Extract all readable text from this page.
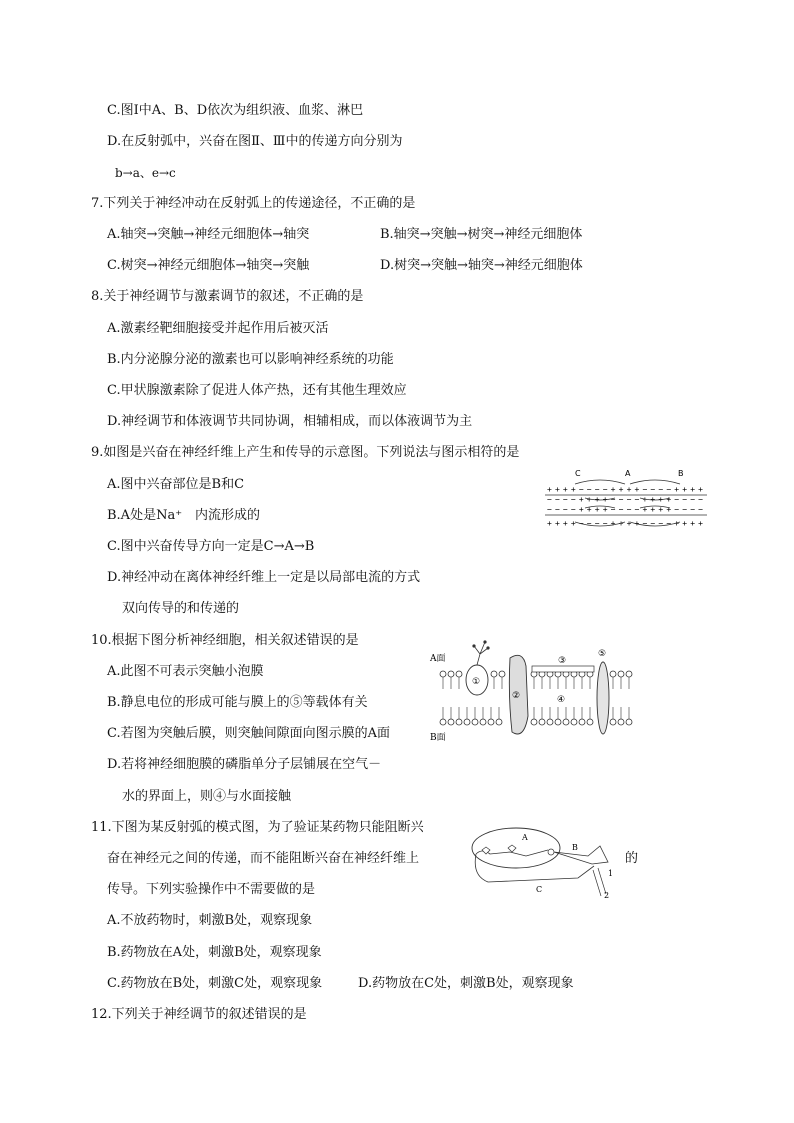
C.图Ⅰ中A、B、D依次为组织液、血浆、淋巴
D.在反射弧中，兴奋在图Ⅱ、Ⅲ中的传递方向分别为
b→a、e→c
7.下列关于神经冲动在反射弧上的传递途径，不正确的是
A.轴突→突触→神经元细胞体→轴突	B.轴突→突触→树突→神经元细胞体
C.树突→神经元细胞体→轴突→突触	D.树突→突触→轴突→神经元细胞体
8.关于神经调节与激素调节的叙述，不正确的是
A.激素经靶细胞接受并起作用后被灭活
B.内分泌腺分泌的激素也可以影响神经系统的功能
C.甲状腺激素除了促进人体产热，还有其他生理效应
D.神经调节和体液调节共同协调，相辅相成，而以体液调节为主
9.如图是兴奋在神经纤维上产生和传导的示意图。下列说法与图示相符的是
A.图中兴奋部位是B和C
B.A处是Na⁺　内流形成的
C.图中兴奋传导方向一定是C→A→B
D.神经冲动在离体神经纤维上一定是以局部电流的方式
双向传导的和传递的
10.根据下图分析神经细胞，相关叙述错误的是
A.此图不可表示突触小泡膜
B.静息电位的形成可能与膜上的⑤等载体有关
C.若图为突触后膜，则突触间隙面向图示膜的A面
D.若将神经细胞膜的磷脂单分子层铺展在空气－
水的界面上，则④与水面接触
11.下图为某反射弧的模式图，为了验证某药物只能阻断兴
奋在神经元之间的传递，而不能阻断兴奋在神经纤维上	的
传导。下列实验操作中不需要做的是
A.不放药物时，刺激B处，观察现象
B.药物放在A处，刺激B处，观察现象
C.药物放在B处，刺激C处，观察现象	D.药物放在C处，刺激B处，观察现象
12.下列关于神经调节的叙述错误的是
C	A	B
+ + + + − − − − + + + + − − − − + + + +
− − − − + + + + − − − − + + + + − − − −
− − − − + + + + − − − − + + + + − − − −
+ + + + − − − − + + + + − − − − + + + +
A面
B面
①
②
③
④
⑤
A
B
C
1
2
